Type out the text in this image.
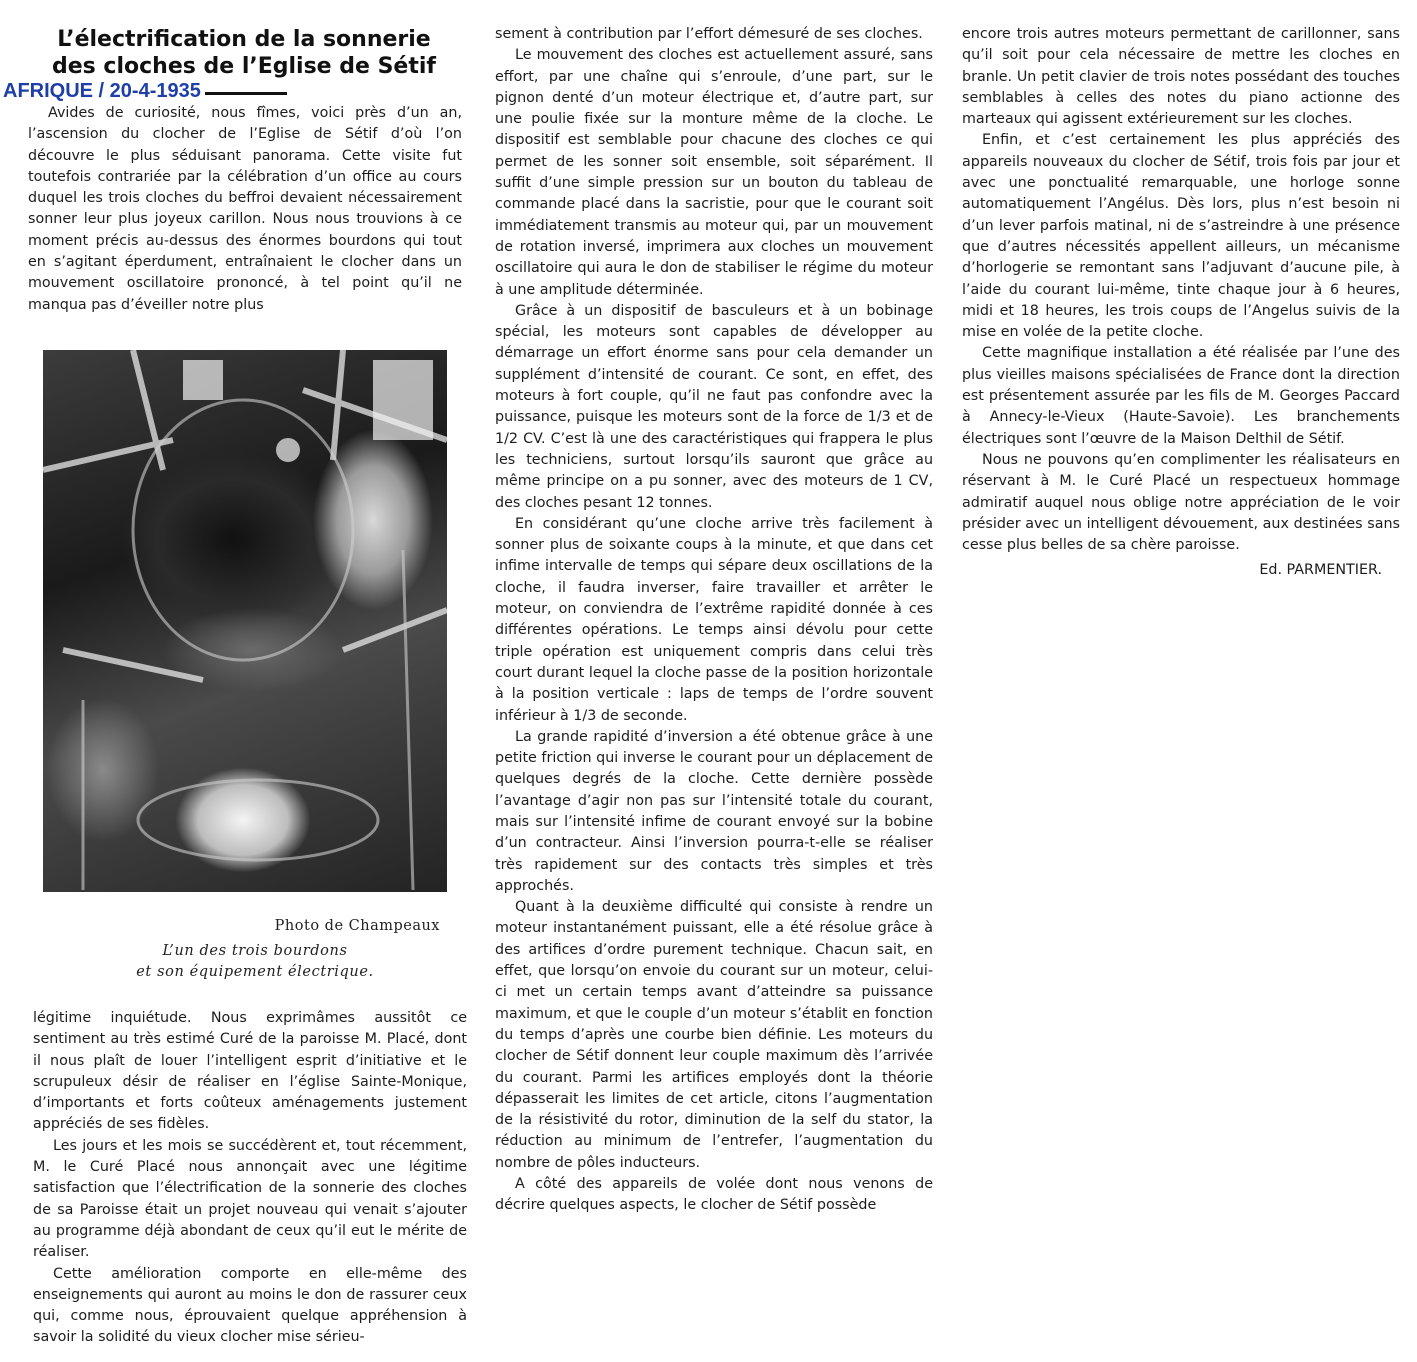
L’électrification de la sonnerie
des cloches de l’Eglise de Sétif
AFRIQUE / 20-4-1935

Avides de curiosité, nous fîmes, voici près d’un an, l’ascension du clocher de l’Eglise de Sétif d’où l’on découvre le plus séduisant panorama. Cette visite fut toutefois contrariée par la célébration d’un office au cours duquel les trois cloches du beffroi devaient nécessairement sonner leur plus joyeux carillon. Nous nous trouvions à ce moment précis au-dessus des énormes bourdons qui tout en s’agitant éperdument, entraînaient le clocher dans un mouvement oscillatoire prononcé, à tel point qu’il ne manqua pas d’éveiller notre plus

Photo de Champeaux
L’un des trois bourdons
et son équipement électrique.

légitime inquiétude. Nous exprimâmes aussitôt ce sentiment au très estimé Curé de la paroisse M. Placé, dont il nous plaît de louer l’intelligent esprit d’initiative et le scrupuleux désir de réaliser en l’église Sainte-Monique, d’importants et forts coûteux aménagements justement appréciés de ses fidèles.

Les jours et les mois se succédèrent et, tout récemment, M. le Curé Placé nous annonçait avec une légitime satisfaction que l’électrification de la sonnerie des cloches de sa Paroisse était un projet nouveau qui venait s’ajouter au programme déjà abondant de ceux qu’il eut le mérite de réaliser.

Cette amélioration comporte en elle-même des enseignements qui auront au moins le don de rassurer ceux qui, comme nous, éprouvaient quelque appréhension à savoir la solidité du vieux clocher mise sérieu-

sement à contribution par l’effort démesuré de ses cloches.

Le mouvement des cloches est actuellement assuré, sans effort, par une chaîne qui s’enroule, d’une part, sur le pignon denté d’un moteur électrique et, d’autre part, sur une poulie fixée sur la monture même de la cloche. Le dispositif est semblable pour chacune des cloches ce qui permet de les sonner soit ensemble, soit séparément. Il suffit d’une simple pression sur un bouton du tableau de commande placé dans la sacristie, pour que le courant soit immédiatement transmis au moteur qui, par un mouvement de rotation inversé, imprimera aux cloches un mouvement oscillatoire qui aura le don de stabiliser le régime du moteur à une amplitude déterminée.

Grâce à un dispositif de basculeurs et à un bobinage spécial, les moteurs sont capables de développer au démarrage un effort énorme sans pour cela demander un supplément d’intensité de courant. Ce sont, en effet, des moteurs à fort couple, qu’il ne faut pas confondre avec la puissance, puisque les moteurs sont de la force de 1/3 et de 1/2 CV. C’est là une des caractéristiques qui frappera le plus les techniciens, surtout lorsqu’ils sauront que grâce au même principe on a pu sonner, avec des moteurs de 1 CV, des cloches pesant 12 tonnes.

En considérant qu’une cloche arrive très facilement à sonner plus de soixante coups à la minute, et que dans cet infime intervalle de temps qui sépare deux oscillations de la cloche, il faudra inverser, faire travailler et arrêter le moteur, on conviendra de l’extrême rapidité donnée à ces différentes opérations. Le temps ainsi dévolu pour cette triple opération est uniquement compris dans celui très court durant lequel la cloche passe de la position horizontale à la position verticale : laps de temps de l’ordre souvent inférieur à 1/3 de seconde.

La grande rapidité d’inversion a été obtenue grâce à une petite friction qui inverse le courant pour un déplacement de quelques degrés de la cloche. Cette dernière possède l’avantage d’agir non pas sur l’intensité totale du courant, mais sur l’intensité infime de courant envoyé sur la bobine d’un contracteur. Ainsi l’inversion pourra-t-elle se réaliser très rapidement sur des contacts très simples et très approchés.

Quant à la deuxième difficulté qui consiste à rendre un moteur instantanément puissant, elle a été résolue grâce à des artifices d’ordre purement technique. Chacun sait, en effet, que lorsqu’on envoie du courant sur un moteur, celui-ci met un certain temps avant d’atteindre sa puissance maximum, et que le couple d’un moteur s’établit en fonction du temps d’après une courbe bien définie. Les moteurs du clocher de Sétif donnent leur couple maximum dès l’arrivée du courant. Parmi les artifices employés dont la théorie dépasserait les limites de cet article, citons l’augmentation de la résistivité du rotor, diminution de la self du stator, la réduction au minimum de l’entrefer, l’augmentation du nombre de pôles inducteurs.

A côté des appareils de volée dont nous venons de décrire quelques aspects, le clocher de Sétif possède

encore trois autres moteurs permettant de carillonner, sans qu’il soit pour cela nécessaire de mettre les cloches en branle. Un petit clavier de trois notes possédant des touches semblables à celles des notes du piano actionne des marteaux qui agissent extérieurement sur les cloches.

Enfin, et c’est certainement les plus appréciés des appareils nouveaux du clocher de Sétif, trois fois par jour et avec une ponctualité remarquable, une horloge sonne automatiquement l’Angélus. Dès lors, plus n’est besoin ni d’un lever parfois matinal, ni de s’astreindre à une présence que d’autres nécessités appellent ailleurs, un mécanisme d’horlogerie se remontant sans l’adjuvant d’aucune pile, à l’aide du courant lui-même, tinte chaque jour à 6 heures, midi et 18 heures, les trois coups de l’Angelus suivis de la mise en volée de la petite cloche.

Cette magnifique installation a été réalisée par l’une des plus vieilles maisons spécialisées de France dont la direction est présentement assurée par les fils de M. Georges Paccard à Annecy-le-Vieux (Haute-Savoie). Les branchements électriques sont l’œuvre de la Maison Delthil de Sétif.

Nous ne pouvons qu’en complimenter les réalisateurs en réservant à M. le Curé Placé un respectueux hommage admiratif auquel nous oblige notre appréciation de le voir présider avec un intelligent dévouement, aux destinées sans cesse plus belles de sa chère paroisse.

Ed. PARMENTIER.
